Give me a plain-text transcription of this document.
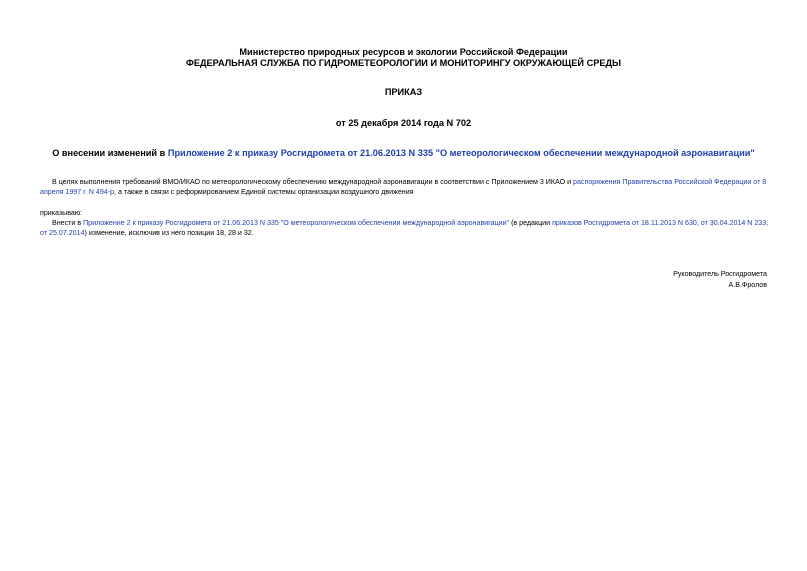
Министерство природных ресурсов и экологии Российской Федерации
ФЕДЕРАЛЬНАЯ СЛУЖБА ПО ГИДРОМЕТЕОРОЛОГИИ И МОНИТОРИНГУ ОКРУЖАЮЩЕЙ СРЕДЫ
ПРИКАЗ
от 25 декабря 2014 года N 702
О внесении изменений в Приложение 2 к приказу Росгидромета от 21.06.2013 N 335 "О метеорологическом обеспечении международной аэронавигации"
В целях выполнения требований ВМО/ИКАО по метеорологическому обеспечению международной аэронавигации в соответствии с Приложением 3 ИКАО и распоряжения Правительства Российской Федерации от 8 апреля 1997 г. N 494-р, а также в связи с реформированием Единой системы организации воздушного движения
приказываю:
Внести в Приложение 2 к приказу Росгидромета от 21.06.2013 N 335 "О метеорологическом обеспечении международной аэронавигации" (в редакции приказов Росгидромета от 18.11.2013 N 630, от 30.04.2014 N 233, от 25.07.2014) изменение, исключив из него позиции 18, 28 и 32.
Руководитель Росгидромета
А.В.Фролов
